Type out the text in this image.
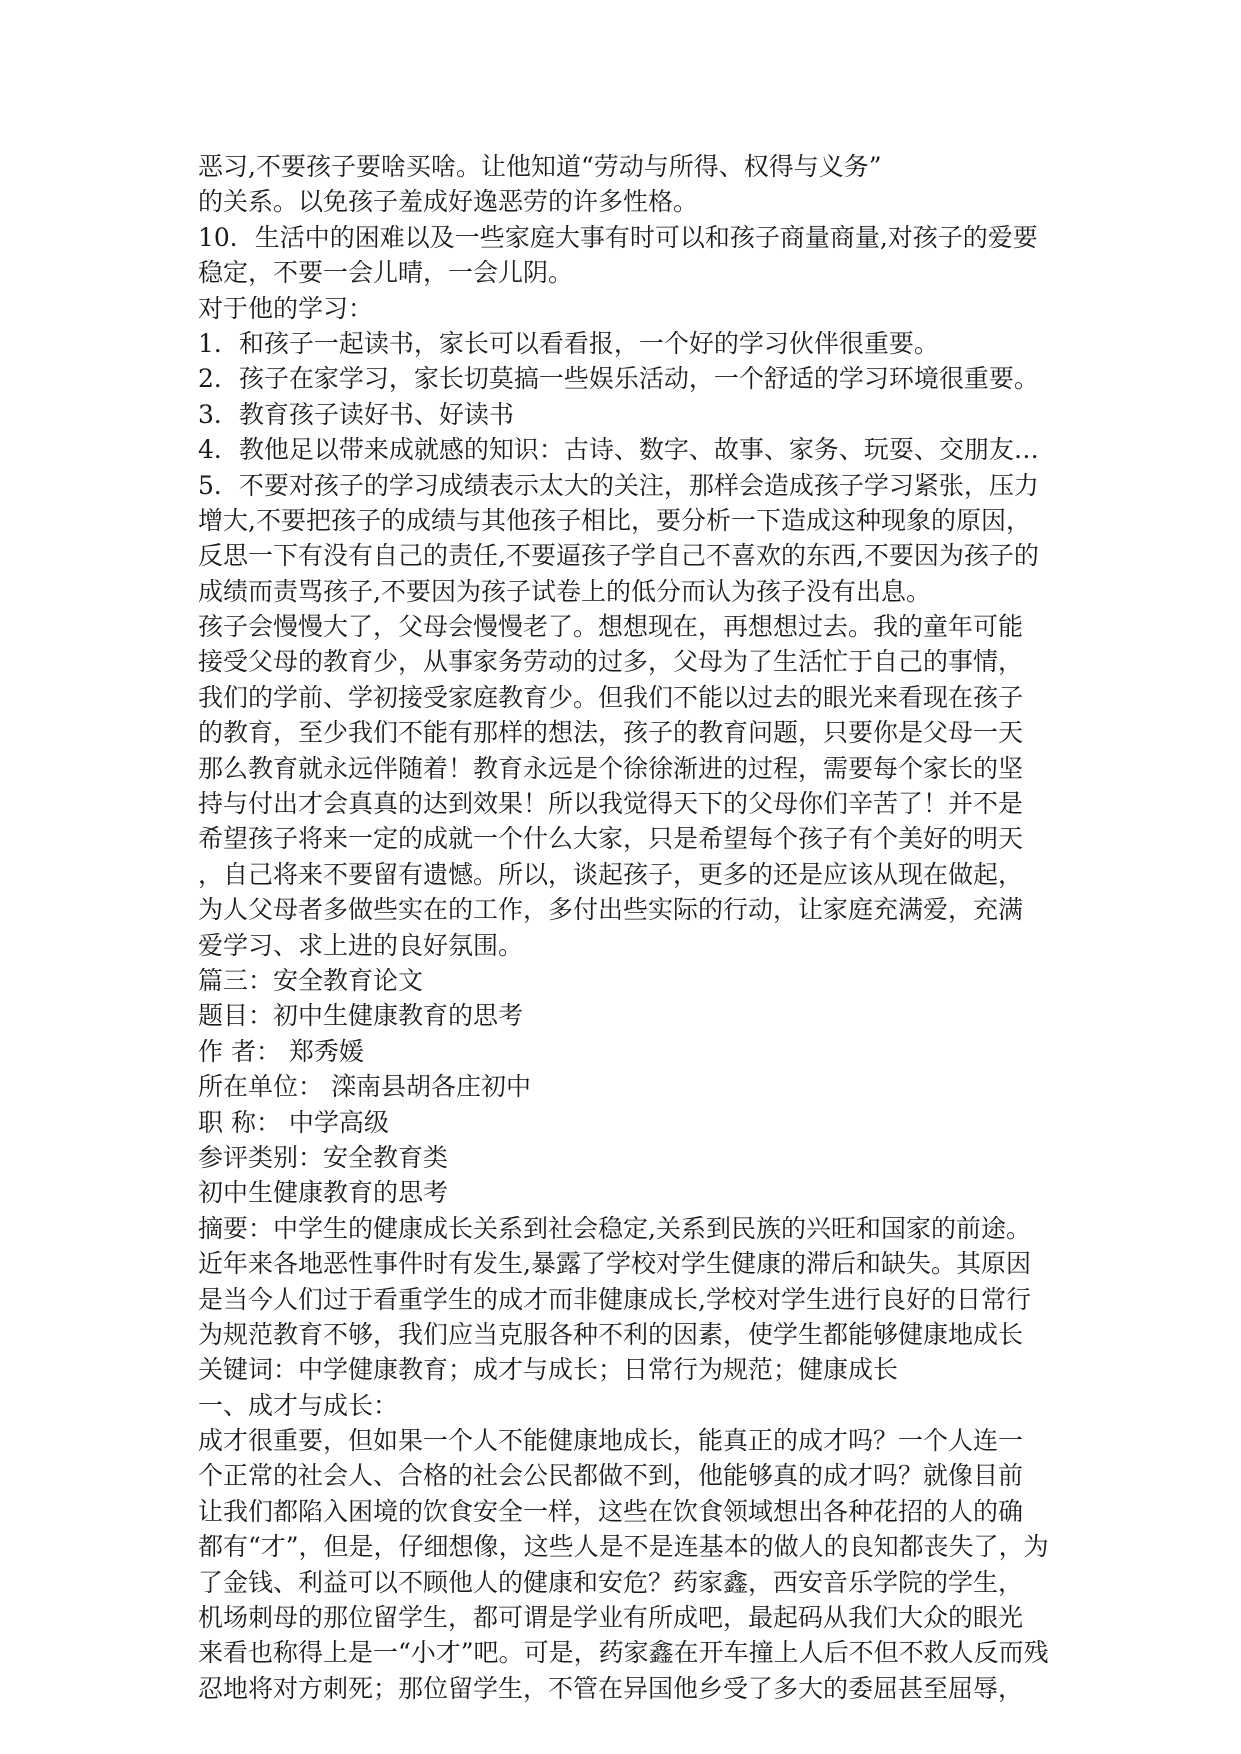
恶习,不要孩子要啥买啥。让他知道“劳动与所得、权得与义务”
的关系。以免孩子羞成好逸恶劳的许多性格。
10．生活中的困难以及一些家庭大事有时可以和孩子商量商量,对孩子的爱要
稳定，不要一会儿晴，一会儿阴。
对于他的学习：
1．和孩子一起读书，家长可以看看报，一个好的学习伙伴很重要。
2．孩子在家学习，家长切莫搞一些娱乐活动，一个舒适的学习环境很重要。
3．教育孩子读好书、好读书
4．教他足以带来成就感的知识：古诗、数字、故事、家务、玩耍、交朋友…
5．不要对孩子的学习成绩表示太大的关注，那样会造成孩子学习紧张，压力
增大,不要把孩子的成绩与其他孩子相比，要分析一下造成这种现象的原因，
反思一下有没有自己的责任,不要逼孩子学自己不喜欢的东西,不要因为孩子的
成绩而责骂孩子,不要因为孩子试卷上的低分而认为孩子没有出息。
孩子会慢慢大了，父母会慢慢老了。想想现在，再想想过去。我的童年可能
接受父母的教育少，从事家务劳动的过多，父母为了生活忙于自己的事情，
我们的学前、学初接受家庭教育少。但我们不能以过去的眼光来看现在孩子
的教育，至少我们不能有那样的想法，孩子的教育问题，只要你是父母一天
那么教育就永远伴随着！教育永远是个徐徐渐进的过程，需要每个家长的坚
持与付出才会真真的达到效果！所以我觉得天下的父母你们辛苦了！并不是
希望孩子将来一定的成就一个什么大家，只是希望每个孩子有个美好的明天
，自己将来不要留有遗憾。所以，谈起孩子，更多的还是应该从现在做起，
为人父母者多做些实在的工作，多付出些实际的行动，让家庭充满爱，充满
爱学习、求上进的良好氛围。
篇三：安全教育论文
题目：初中生健康教育的思考
作 者： 郑秀媛
所在单位： 滦南县胡各庄初中
职 称： 中学高级
参评类别：安全教育类
初中生健康教育的思考
摘要：中学生的健康成长关系到社会稳定,关系到民族的兴旺和国家的前途。
近年来各地恶性事件时有发生,暴露了学校对学生健康的滞后和缺失。其原因
是当今人们过于看重学生的成才而非健康成长,学校对学生进行良好的日常行
为规范教育不够，我们应当克服各种不利的因素，使学生都能够健康地成长
关键词：中学健康教育；成才与成长；日常行为规范；健康成长
一、成才与成长：
成才很重要，但如果一个人不能健康地成长，能真正的成才吗？一个人连一
个正常的社会人、合格的社会公民都做不到，他能够真的成才吗？就像目前
让我们都陷入困境的饮食安全一样，这些在饮食领域想出各种花招的人的确
都有“才”，但是，仔细想像，这些人是不是连基本的做人的良知都丧失了，为
了金钱、利益可以不顾他人的健康和安危？药家鑫，西安音乐学院的学生，
机场刺母的那位留学生，都可谓是学业有所成吧，最起码从我们大众的眼光
来看也称得上是一“小才”吧。可是，药家鑫在开车撞上人后不但不救人反而残
忍地将对方刺死；那位留学生，不管在异国他乡受了多大的委屈甚至屈辱，
